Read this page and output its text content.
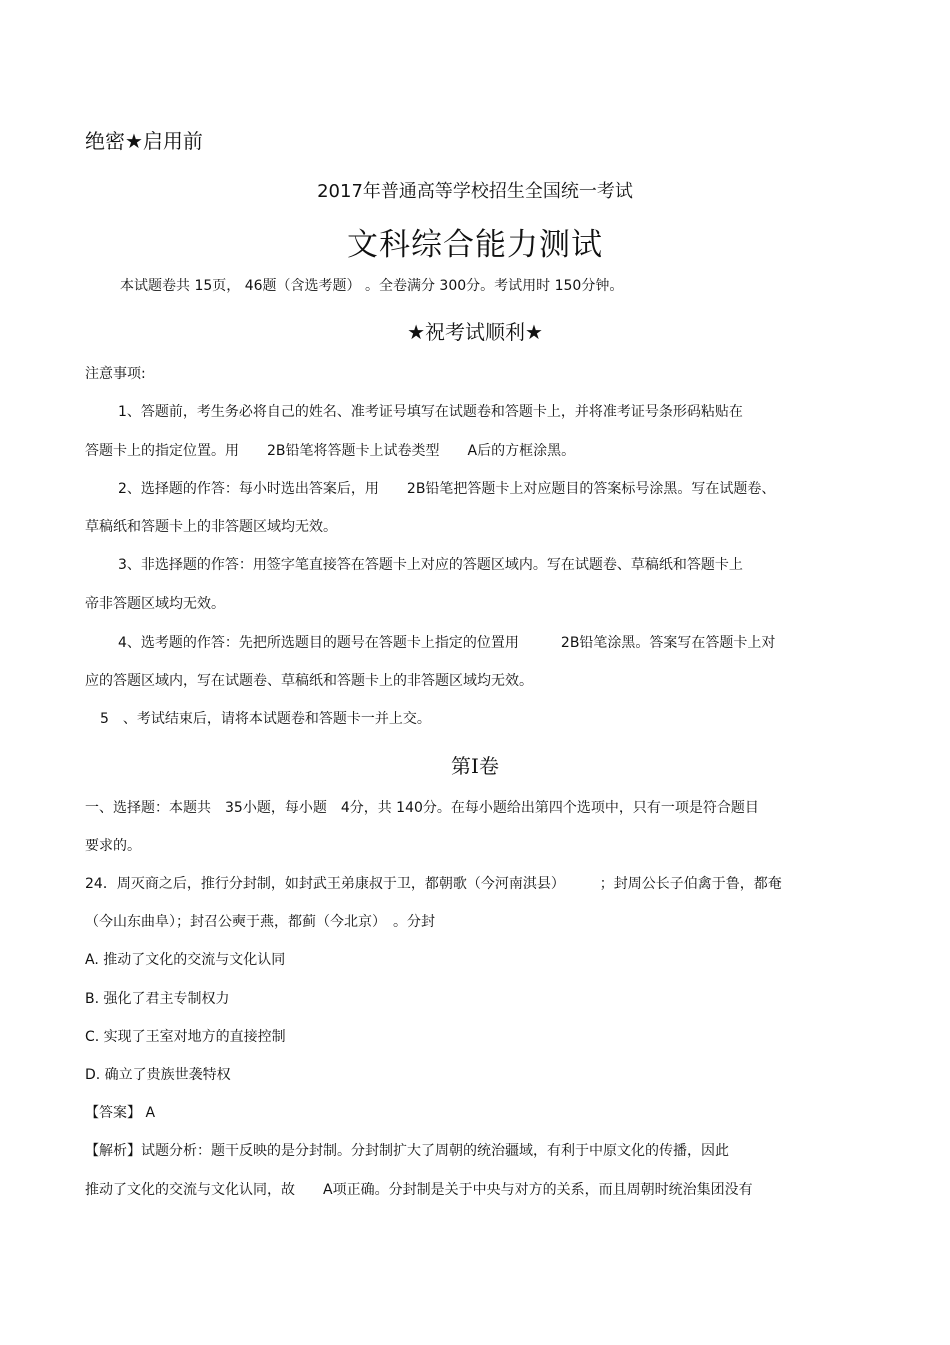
绝密★启用前
2017年普通高等学校招生全国统一考试
文科综合能力测试
本试题卷共 15页， 46题（含选考题） 。全卷满分 300分。考试用时 150分钟。
★祝考试顺利★
注意事项:
1、答题前，考生务必将自己的姓名、准考证号填写在试题卷和答题卡上，并将准考证号条形码粘贴在
答题卡上的指定位置。用　　2B铅笔将答题卡上试卷类型　　A后的方框涂黑。
2、选择题的作答：每小时选出答案后，用　　2B铅笔把答题卡上对应题目的答案标号涂黑。写在试题卷、
草稿纸和答题卡上的非答题区域均无效。
3、非选择题的作答：用签字笔直接答在答题卡上对应的答题区域内。写在试题卷、草稿纸和答题卡上
帝非答题区域均无效。
4、选考题的作答：先把所选题目的题号在答题卡上指定的位置用　　　2B铅笔涂黑。答案写在答题卡上对
应的答题区域内，写在试题卷、草稿纸和答题卡上的非答题区域均无效。
5　、考试结束后，请将本试题卷和答题卡一并上交。
第Ⅰ卷
一、选择题：本题共　35小题，每小题　4分，共 140分。在每小题给出第四个选项中，只有一项是符合题目
要求的。
24．周灭商之后，推行分封制，如封武王弟康叔于卫，都朝歌（今河南淇县）　　　；封周公长子伯禽于鲁，都奄
（今山东曲阜）；封召公奭于燕，都蓟（今北京）　。分封
A. 推动了文化的交流与文化认同
B. 强化了君主专制权力
C. 实现了王室对地方的直接控制
D. 确立了贵族世袭特权
【答案】 A
【解析】试题分析：题干反映的是分封制。分封制扩大了周朝的统治疆域，有利于中原文化的传播，因此
推动了文化的交流与文化认同，故　　A项正确。分封制是关于中央与对方的关系，而且周朝时统治集团没有
